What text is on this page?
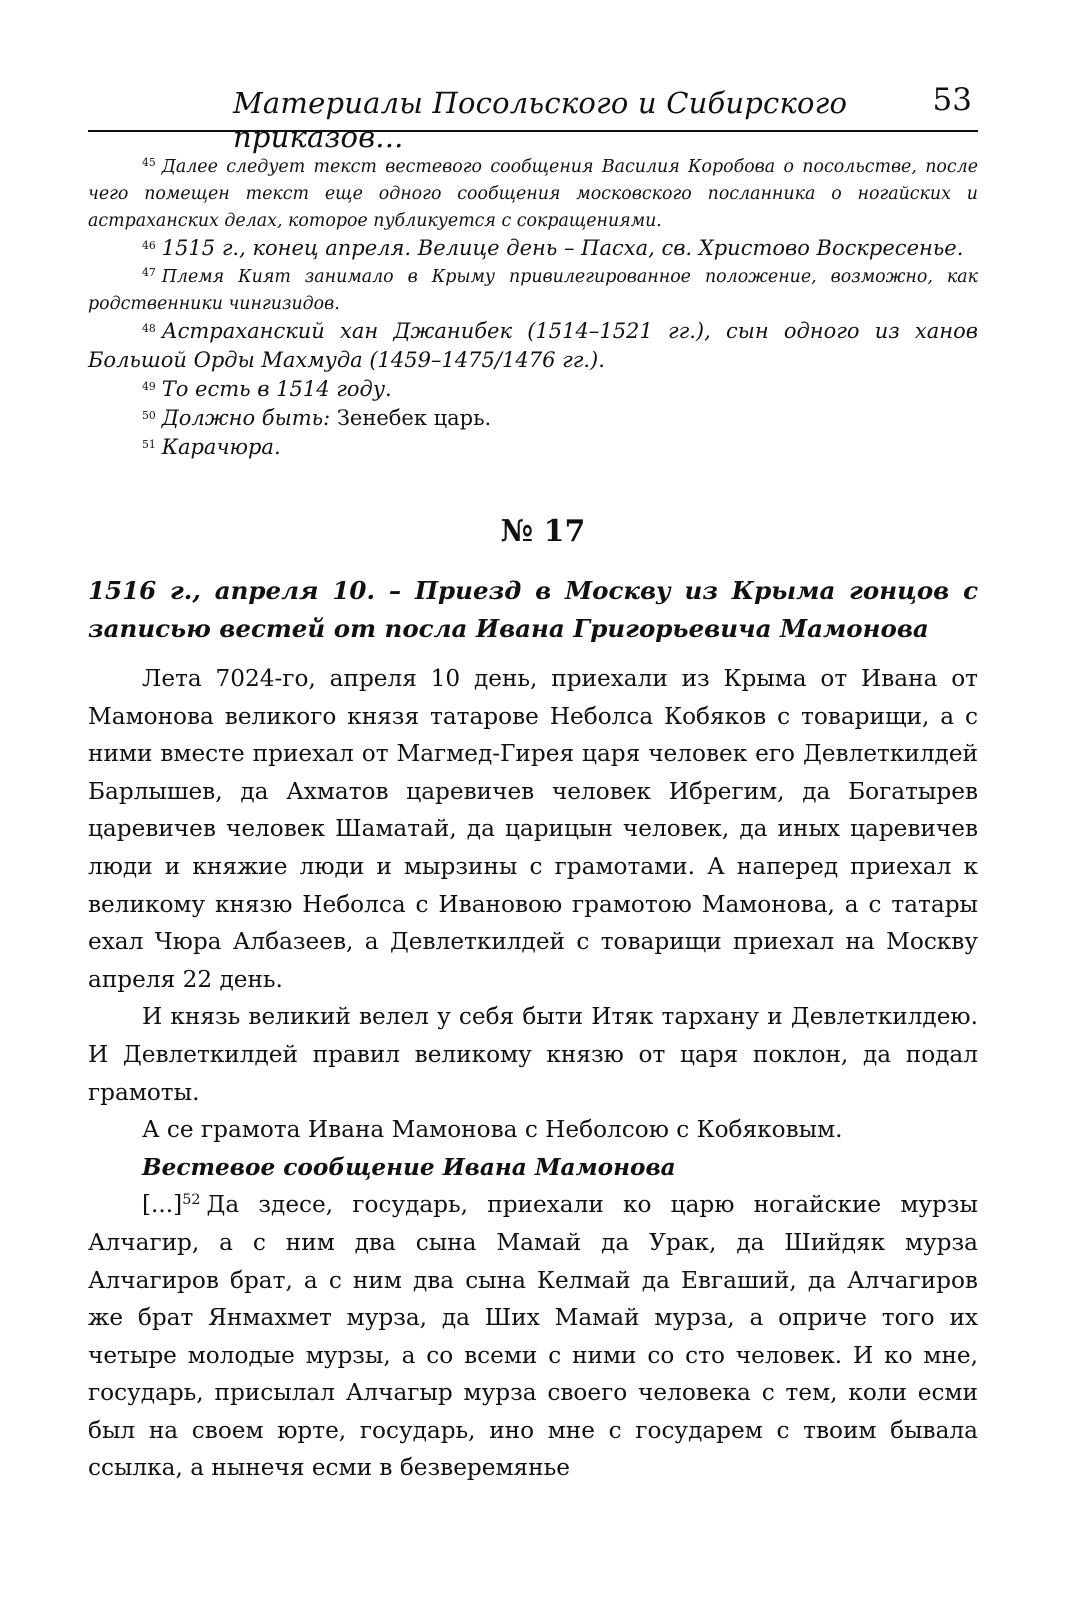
Материалы Посольского и Сибирского приказов...
53

$^{45}$ Далее следует текст вестевого сообщения Василия Коробова о посольстве, после чего помещен текст еще одного сообщения московского посланника о ногайских и астраханских делах, которое публикуется с сокращениями.

$^{46}$ 1515 г., конец апреля. Велице день – Пасха, св. Христово Воскресенье.

$^{47}$ Племя Кият занимало в Крыму привилегированное положение, возможно, как родственники чингизидов.

$^{48}$ Астраханский хан Джанибек (1514–1521 гг.), сын одного из ханов Большой Орды Махмуда (1459–1475/1476 гг.).

$^{49}$ То есть в 1514 году.

$^{50}$ Должно быть: Зенебек царь.

$^{51}$ Карачюра.

№ 17
1516 г., апреля 10. – Приезд в Москву из Крыма гонцов с записью вестей от посла Ивана Григорьевича Мамонова

Лета 7024-го, апреля 10 день, приехали из Крыма от Ивана от Мамонова великого князя татарове Неболса Кобяков с товарищи, а с ними вместе приехал от Магмед-Гирея царя человек его Девлеткилдей Барлышев, да Ахматов царевичев человек Ибрегим, да Богатырев царевичев человек Шаматай, да царицын человек, да иных царевичев люди и княжие люди и мырзины с грамотами. А наперед приехал к великому князю Неболса с Ивановою грамотою Мамонова, а с татары ехал Чюра Албазеев, а Девлеткилдей с товарищи приехал на Москву апреля 22 день.

И князь великий велел у себя быти Итяк тархану и Девлеткилдею. И Девлеткилдей правил великому князю от царя поклон, да подал грамоты.

А се грамота Ивана Мамонова с Неболсою с Кобяковым.

Вестевое сообщение Ивана Мамонова

[...]$^{52}$ Да здесе, государь, приехали ко царю ногайские мурзы Алчагир, а с ним два сына Мамай да Урак, да Шийдяк мурза Алчагиров брат, а с ним два сына Келмай да Евгаший, да Алчагиров же брат Янмахмет мурза, да Ших Мамай мурза, а опричe того их четыре молодые мурзы, а со всеми с ними со сто человек. И ко мне, государь, присылал Алчагыр мурза своего человека с тем, коли есми был на своем юрте, государь, ино мне с государем с твоим бывала ссылка, а нынечя есми в безверемянье
